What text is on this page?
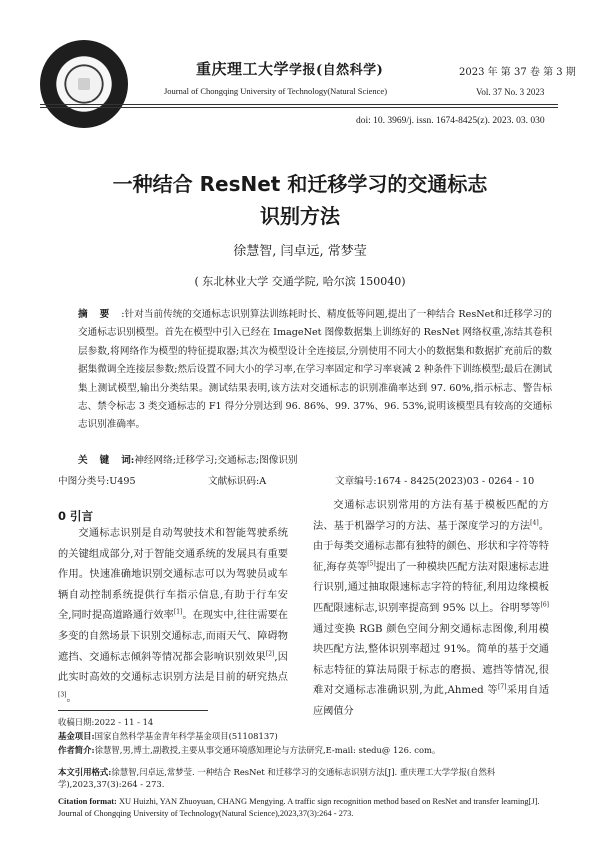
1940
重庆理工大学学报(自然科学)
Journal of Chongqing University of Technology(Natural Science)
2023 年 第 37 卷 第 3 期
Vol. 37 No. 3 2023
doi: 10. 3969/j. issn. 1674-8425(z). 2023. 03. 030
一种结合 ResNet 和迁移学习的交通标志
识别方法
徐慧智, 闫卓远, 常梦莹
( 东北林业大学 交通学院, 哈尔滨 150040)
摘要:针对当前传统的交通标志识别算法训练耗时长、精度低等问题,提出了一种结合 ResNet和迁移学习的交通标志识别模型。首先在模型中引入已经在 ImageNet 图像数据集上训练好的 ResNet 网络权重,冻结其卷积层参数,将网络作为模型的特征提取器;其次为模型设计全连接层,分别使用不同大小的数据集和数据扩充前后的数据集微调全连接层参数;然后设置不同大小的学习率,在学习率固定和学习率衰减 2 种条件下训练模型;最后在测试集上测试模型,输出分类结果。测试结果表明,该方法对交通标志的识别准确率达到 97. 60%,指示标志、警告标志、禁令标志 3 类交通标志的 F1 得分分别达到 96. 86%、99. 37%、96. 53%,说明该模型具有较高的交通标志识别准确率。
关键词:神经网络;迁移学习;交通标志;图像识别
中图分类号:U495	文献标识码:A	文章编号:1674 - 8425(2023)03 - 0264 - 10
0 引言
交通标志识别是自动驾驶技术和智能驾驶系统的关键组成部分,对于智能交通系统的发展具有重要作用。快速准确地识别交通标志可以为驾驶员或车辆自动控制系统提供行车指示信息,有助于行车安全,同时提高道路通行效率[1]。在现实中,往往需要在多变的自然场景下识别交通标志,而雨天气、障碍物遮挡、交通标志倾斜等情况都会影响识别效果[2],因此实时高效的交通标志识别方法是目前的研究热点[3]。
交通标志识别常用的方法有基于模板匹配的方法、基于机器学习的方法、基于深度学习的方法[4]。由于每类交通标志都有独特的颜色、形状和字符等特征,海存英等[5]提出了一种模块匹配方法对限速标志进行识别,通过抽取限速标志字符的特征,利用边缘模板匹配限速标志,识别率提高到 95% 以上。谷明琴等[6]通过变换 RGB 颜色空间分割交通标志图像,利用模块匹配方法,整体识别率超过 91%。简单的基于交通标志特征的算法局限于标志的磨损、遮挡等情况,很难对交通标志准确识别,为此,Ahmed 等[7]采用自适应阈值分
收稿日期:2022 - 11 - 14
基金项目:国家自然科学基金青年科学基金项目(51108137)
作者简介:徐慧智,男,博士,副教授,主要从事交通环境感知理论与方法研究,E-mail: stedu@ 126. com。
本文引用格式:徐慧智,闫卓远,常梦莹. 一种结合 ResNet 和迁移学习的交通标志识别方法[J]. 重庆理工大学学报(自然科学),2023,37(3):264 - 273.
Citation format: XU Huizhi, YAN Zhuoyuan, CHANG Mengying. A traffic sign recognition method based on ResNet and transfer learning[J]. Journal of Chongqing University of Technology(Natural Science),2023,37(3):264 - 273.
